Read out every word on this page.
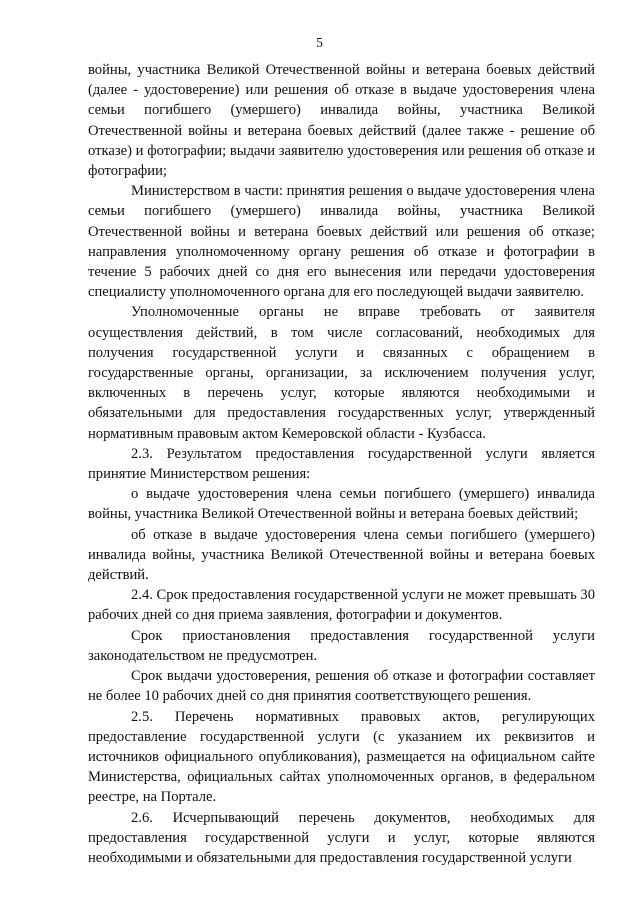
5

войны, участника Великой Отечественной войны и ветерана боевых действий (далее - удостоверение) или решения об отказе в выдаче удостоверения члена семьи погибшего (умершего) инвалида войны, участника Великой Отечественной войны и ветерана боевых действий (далее также - решение об отказе) и фотографии; выдачи заявителю удостоверения или решения об отказе и фотографии;

Министерством в части: принятия решения о выдаче удостоверения члена семьи погибшего (умершего) инвалида войны, участника Великой Отечественной войны и ветерана боевых действий или решения об отказе; направления уполномоченному органу решения об отказе и фотографии в течение 5 рабочих дней со дня его вынесения или передачи удостоверения специалисту уполномоченного органа для его последующей выдачи заявителю.

Уполномоченные органы не вправе требовать от заявителя осуществления действий, в том числе согласований, необходимых для получения государственной услуги и связанных с обращением в государственные органы, организации, за исключением получения услуг, включенных в перечень услуг, которые являются необходимыми и обязательными для предоставления государственных услуг, утвержденный нормативным правовым актом Кемеровской области - Кузбасса.

2.3. Результатом предоставления государственной услуги является принятие Министерством решения:

о выдаче удостоверения члена семьи погибшего (умершего) инвалида войны, участника Великой Отечественной войны и ветерана боевых действий;

об отказе в выдаче удостоверения члена семьи погибшего (умершего) инвалида войны, участника Великой Отечественной войны и ветерана боевых действий.

2.4. Срок предоставления государственной услуги не может превышать 30 рабочих дней со дня приема заявления, фотографии и документов.

Срок приостановления предоставления государственной услуги законодательством не предусмотрен.

Срок выдачи удостоверения, решения об отказе и фотографии составляет не более 10 рабочих дней со дня принятия соответствующего решения.

2.5. Перечень нормативных правовых актов, регулирующих предоставление государственной услуги (с указанием их реквизитов и источников официального опубликования), размещается на официальном сайте Министерства, официальных сайтах уполномоченных органов, в федеральном реестре, на Портале.

2.6. Исчерпывающий перечень документов, необходимых для предоставления государственной услуги и услуг, которые являются необходимыми и обязательными для предоставления государственной услуги
